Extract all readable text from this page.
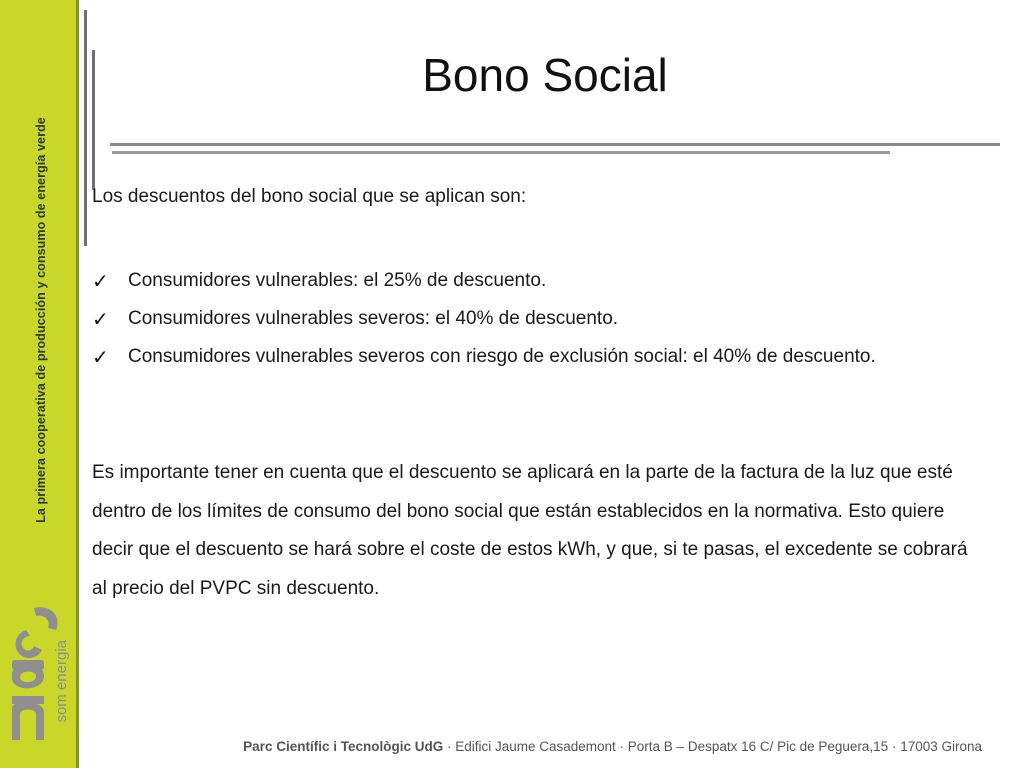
La primera cooperativa de producción y consumo de energía verde
som energia
Bono Social
Los descuentos del bono social que se aplican son:
✓	Consumidores vulnerables: el 25% de descuento.
✓	Consumidores vulnerables severos: el 40% de descuento.
✓	Consumidores vulnerables severos con riesgo de exclusión social: el 40% de descuento.
Es importante tener en cuenta que el descuento se aplicará en la parte de la factura de la luz que esté dentro de los límites de consumo del bono social que están establecidos en la normativa. Esto quiere decir que el descuento se hará sobre el coste de estos kWh, y que, si te pasas, el excedente se cobrará al precio del PVPC sin descuento.
Parc Científic i Tecnològic UdG · Edifici Jaume Casademont · Porta B – Despatx 16 C/ Pic de Peguera,15 · 17003 Girona
